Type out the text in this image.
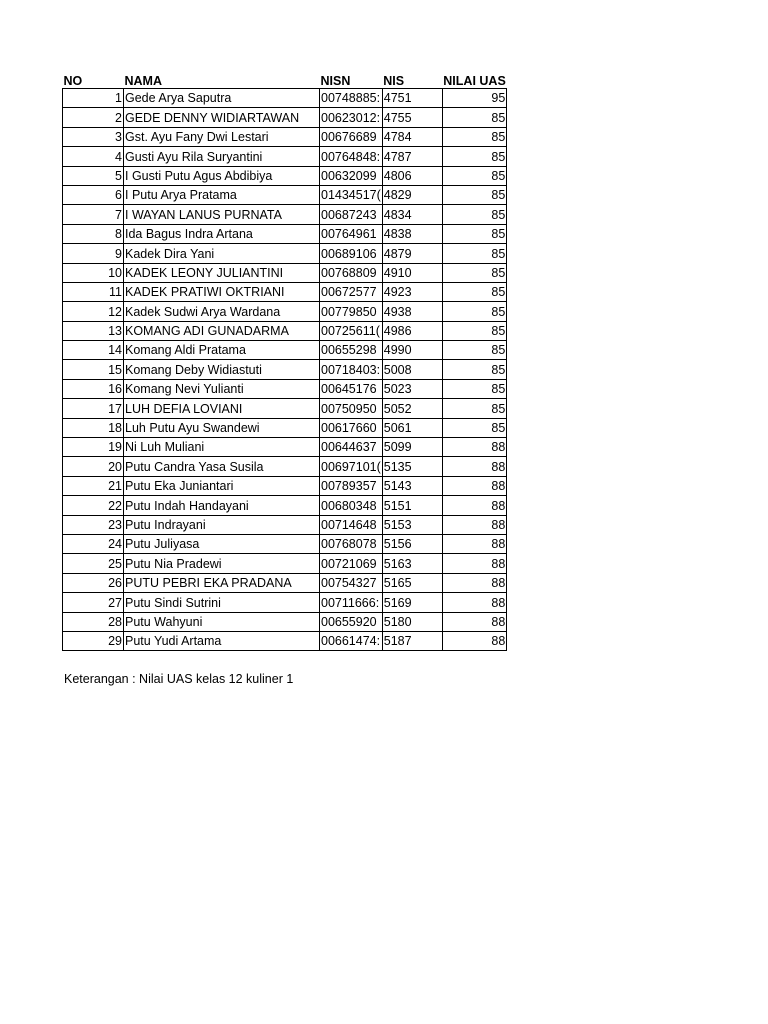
NO	NAMA	NISN	NIS	NILAI UAS
1	Gede Arya Saputra	00748885:	4751	95
2	GEDE DENNY WIDIARTAWAN	00623012:	4755	85
3	Gst. Ayu Fany Dwi Lestari	00676689	4784	85
4	Gusti Ayu Rila Suryantini	00764848:	4787	85
5	I Gusti Putu Agus Abdibiya	00632099	4806	85
6	I Putu Arya Pratama	01434517(	4829	85
7	I WAYAN LANUS PURNATA	00687243	4834	85
8	Ida Bagus Indra Artana	00764961	4838	85
9	Kadek Dira Yani	00689106	4879	85
10	KADEK LEONY JULIANTINI	00768809	4910	85
11	KADEK PRATIWI OKTRIANI	00672577	4923	85
12	Kadek Sudwi Arya Wardana	00779850	4938	85
13	KOMANG ADI GUNADARMA	00725611(	4986	85
14	Komang Aldi Pratama	00655298	4990	85
15	Komang Deby Widiastuti	00718403:	5008	85
16	Komang Nevi Yulianti	00645176	5023	85
17	LUH DEFIA LOVIANI	00750950	5052	85
18	Luh Putu Ayu Swandewi	00617660	5061	85
19	Ni Luh Muliani	00644637	5099	88
20	Putu Candra Yasa Susila	00697101(	5135	88
21	Putu Eka Juniantari	00789357	5143	88
22	Putu Indah Handayani	00680348	5151	88
23	Putu Indrayani	00714648	5153	88
24	Putu Juliyasa	00768078	5156	88
25	Putu Nia Pradewi	00721069	5163	88
26	PUTU PEBRI EKA PRADANA	00754327	5165	88
27	Putu Sindi Sutrini	00711666:	5169	88
28	Putu Wahyuni	00655920	5180	88
29	Putu Yudi Artama	00661474:	5187	88
Keterangan : Nilai UAS kelas 12 kuliner 1
